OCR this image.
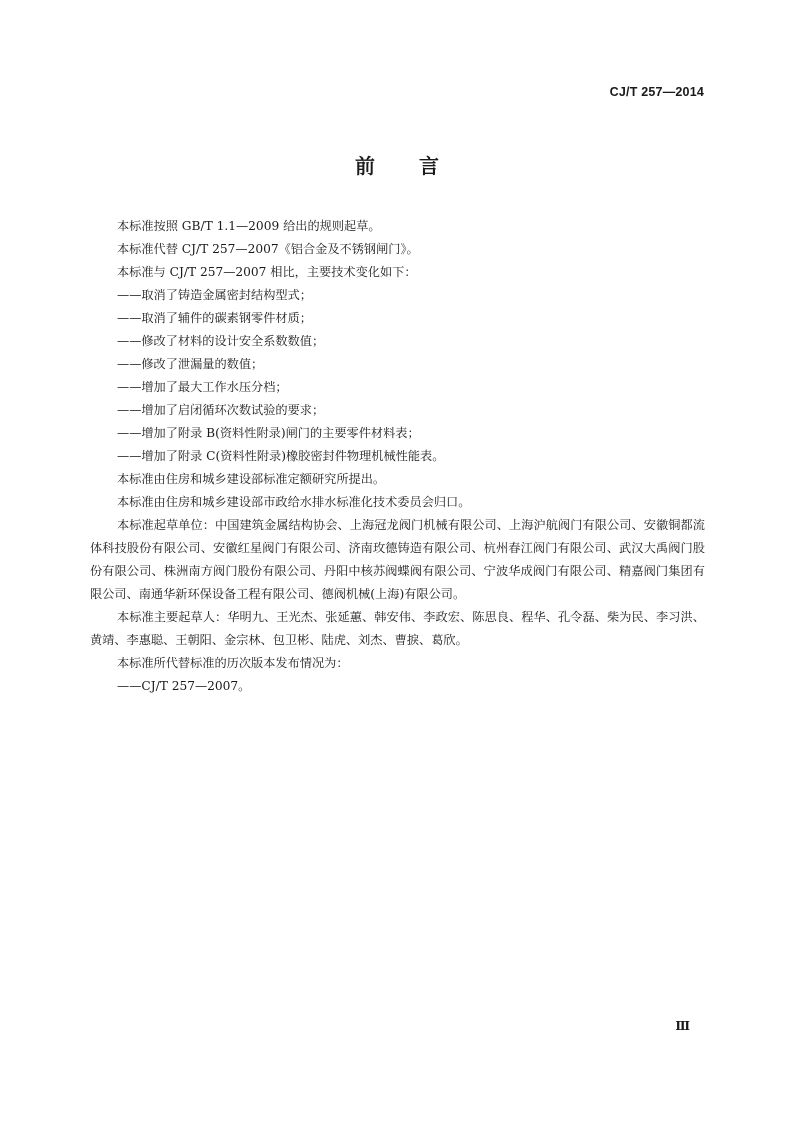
CJ/T 257—2014
前言

本标准按照 GB/T 1.1—2009 给出的规则起草。

本标准代替 CJ/T 257—2007《铝合金及不锈钢闸门》。

本标准与 CJ/T 257—2007 相比，主要技术变化如下：

——取消了铸造金属密封结构型式；

——取消了辅件的碳素钢零件材质；

——修改了材料的设计安全系数数值；

——修改了泄漏量的数值；

——增加了最大工作水压分档；

——增加了启闭循环次数试验的要求；

——增加了附录 B(资料性附录)闸门的主要零件材料表；

——增加了附录 C(资料性附录)橡胶密封件物理机械性能表。

本标准由住房和城乡建设部标准定额研究所提出。

本标准由住房和城乡建设部市政给水排水标准化技术委员会归口。

本标准起草单位：中国建筑金属结构协会、上海冠龙阀门机械有限公司、上海沪航阀门有限公司、安徽铜都流体科技股份有限公司、安徽红星阀门有限公司、济南玫德铸造有限公司、杭州春江阀门有限公司、武汉大禹阀门股份有限公司、株洲南方阀门股份有限公司、丹阳中核苏阀蝶阀有限公司、宁波华成阀门有限公司、精嘉阀门集团有限公司、南通华新环保设备工程有限公司、德阀机械(上海)有限公司。

本标准主要起草人：华明九、王光杰、张延蕙、韩安伟、李政宏、陈思良、程华、孔令磊、柴为民、李习洪、黄靖、李惠聪、王朝阳、金宗林、包卫彬、陆虎、刘杰、曹捩、葛欣。

本标准所代替标准的历次版本发布情况为：

——CJ/T 257—2007。

Ⅲ
